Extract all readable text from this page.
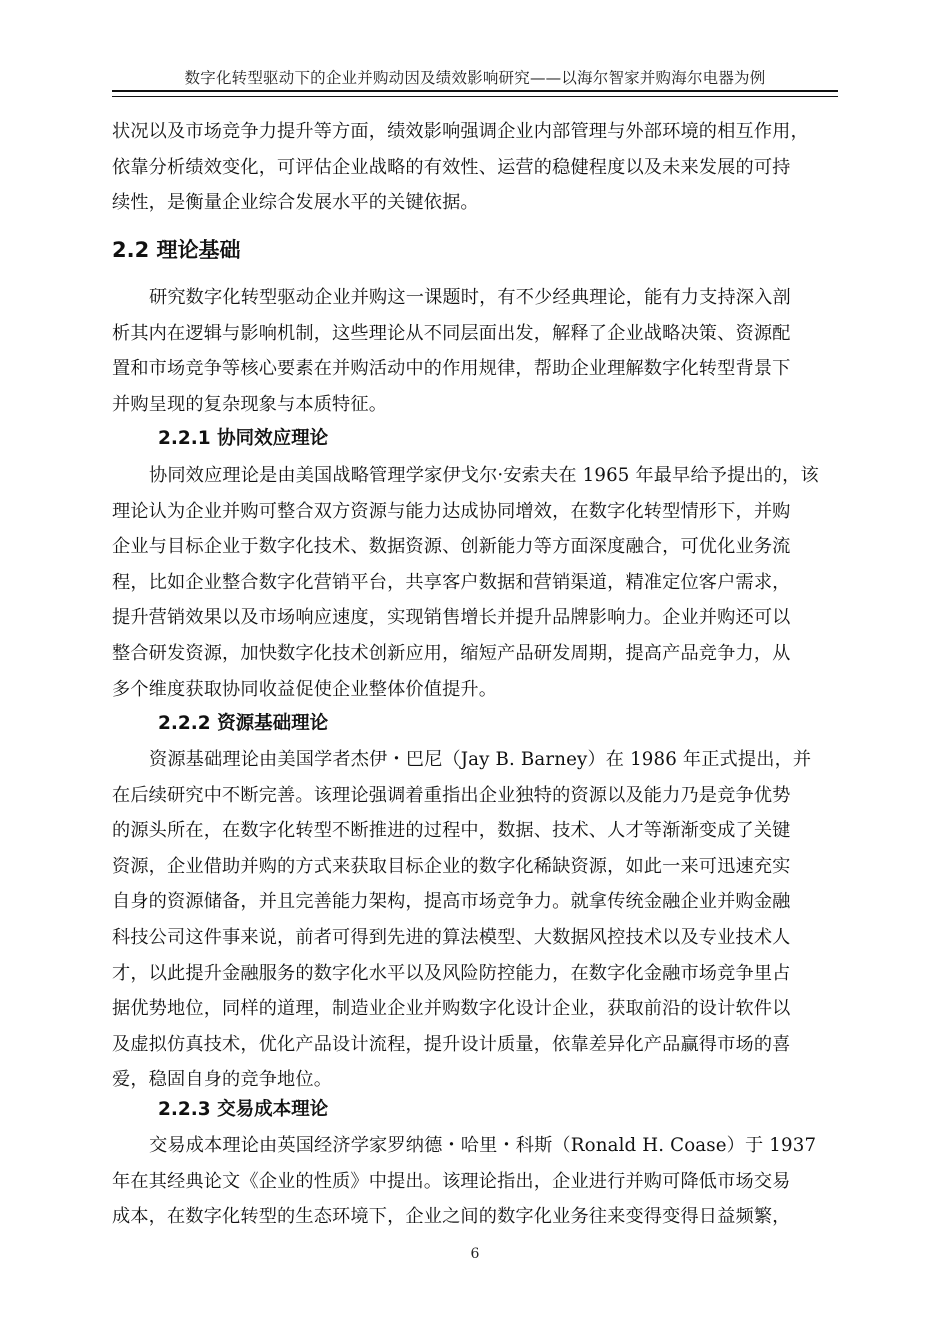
数字化转型驱动下的企业并购动因及绩效影响研究——以海尔智家并购海尔电器为例

状况以及市场竞争力提升等方面，绩效影响强调企业内部管理与外部环境的相互作用，
依靠分析绩效变化，可评估企业战略的有效性、运营的稳健程度以及未来发展的可持
续性，是衡量企业综合发展水平的关键依据。

2.2 理论基础

研究数字化转型驱动企业并购这一课题时，有不少经典理论，能有力支持深入剖
析其内在逻辑与影响机制，这些理论从不同层面出发，解释了企业战略决策、资源配
置和市场竞争等核心要素在并购活动中的作用规律，帮助企业理解数字化转型背景下
并购呈现的复杂现象与本质特征。

2.2.1 协同效应理论

协同效应理论是由美国战略管理学家伊戈尔·安索夫在 1965 年最早给予提出的，该
理论认为企业并购可整合双方资源与能力达成协同增效，在数字化转型情形下，并购
企业与目标企业于数字化技术、数据资源、创新能力等方面深度融合，可优化业务流
程，比如企业整合数字化营销平台，共享客户数据和营销渠道，精准定位客户需求，
提升营销效果以及市场响应速度，实现销售增长并提升品牌影响力。企业并购还可以
整合研发资源，加快数字化技术创新应用，缩短产品研发周期，提高产品竞争力，从
多个维度获取协同收益促使企业整体价值提升。

2.2.2 资源基础理论

资源基础理论由美国学者杰伊・巴尼（Jay B. Barney）在 1986 年正式提出，并
在后续研究中不断完善。该理论强调着重指出企业独特的资源以及能力乃是竞争优势
的源头所在，在数字化转型不断推进的过程中，数据、技术、人才等渐渐变成了关键
资源，企业借助并购的方式来获取目标企业的数字化稀缺资源，如此一来可迅速充实
自身的资源储备，并且完善能力架构，提高市场竞争力。就拿传统金融企业并购金融
科技公司这件事来说，前者可得到先进的算法模型、大数据风控技术以及专业技术人
才，以此提升金融服务的数字化水平以及风险防控能力，在数字化金融市场竞争里占
据优势地位，同样的道理，制造业企业并购数字化设计企业，获取前沿的设计软件以
及虚拟仿真技术，优化产品设计流程，提升设计质量，依靠差异化产品赢得市场的喜
爱，稳固自身的竞争地位。

2.2.3 交易成本理论

交易成本理论由英国经济学家罗纳德・哈里・科斯（Ronald H. Coase）于 1937
年在其经典论文《企业的性质》中提出。该理论指出，企业进行并购可降低市场交易
成本，在数字化转型的生态环境下，企业之间的数字化业务往来变得变得日益频繁，

6
